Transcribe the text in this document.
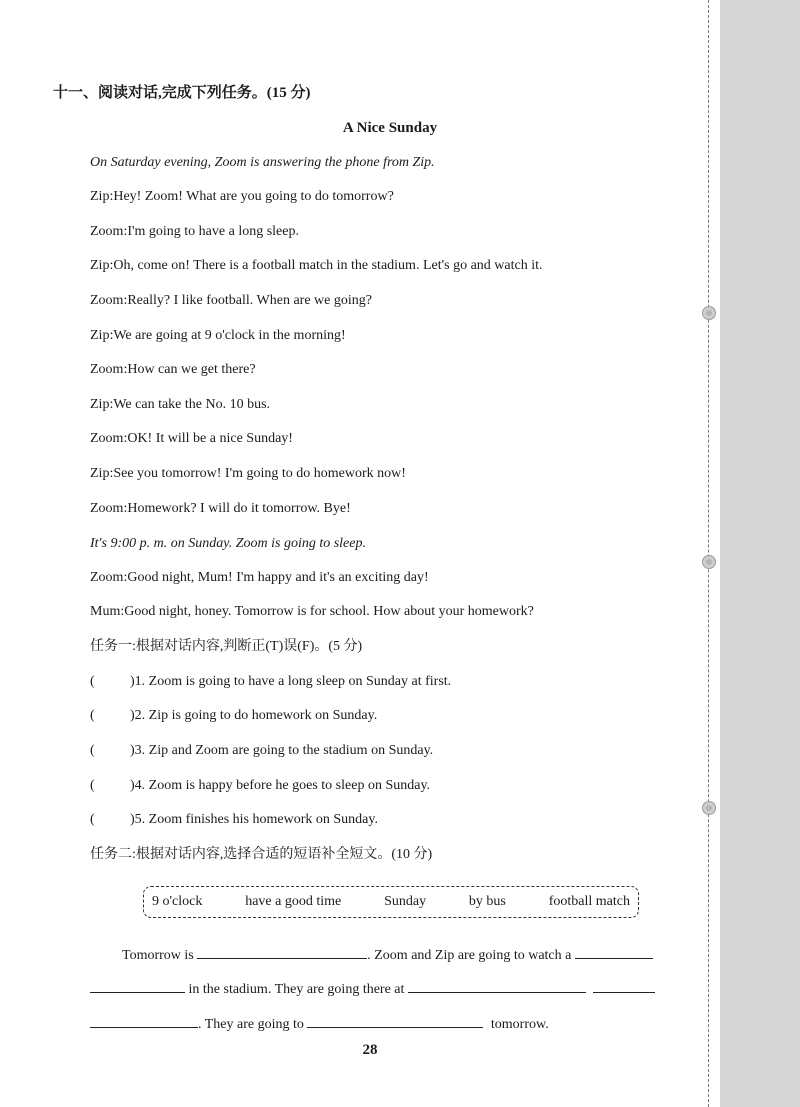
十一、阅读对话,完成下列任务。(15 分)
A Nice Sunday
On Saturday evening, Zoom is answering the phone from Zip.
Zip:Hey! Zoom! What are you going to do tomorrow?
Zoom:I'm going to have a long sleep.
Zip:Oh, come on! There is a football match in the stadium. Let's go and watch it.
Zoom:Really? I like football. When are we going?
Zip:We are going at 9 o'clock in the morning!
Zoom:How can we get there?
Zip:We can take the No. 10 bus.
Zoom:OK! It will be a nice Sunday!
Zip:See you tomorrow! I'm going to do homework now!
Zoom:Homework? I will do it tomorrow. Bye!
It's 9:00 p. m. on Sunday. Zoom is going to sleep.
Zoom:Good night, Mum! I'm happy and it's an exciting day!
Mum:Good night, honey. Tomorrow is for school. How about your homework?
任务一:根据对话内容,判断正(T)误(F)。(5 分)
(	)1. Zoom is going to have a long sleep on Sunday at first.
(	)2. Zip is going to do homework on Sunday.
(	)3. Zip and Zoom are going to the stadium on Sunday.
(	)4. Zoom is happy before he goes to sleep on Sunday.
(	)5. Zoom finishes his homework on Sunday.
任务二:根据对话内容,选择合适的短语补全短文。(10 分)
9 o'clock	have a good time	Sunday	by bus	football match
Tomorrow is	. Zoom and Zip are going to watch a
in the stadium. They are going there at
. They are going to	tomorrow.
28
